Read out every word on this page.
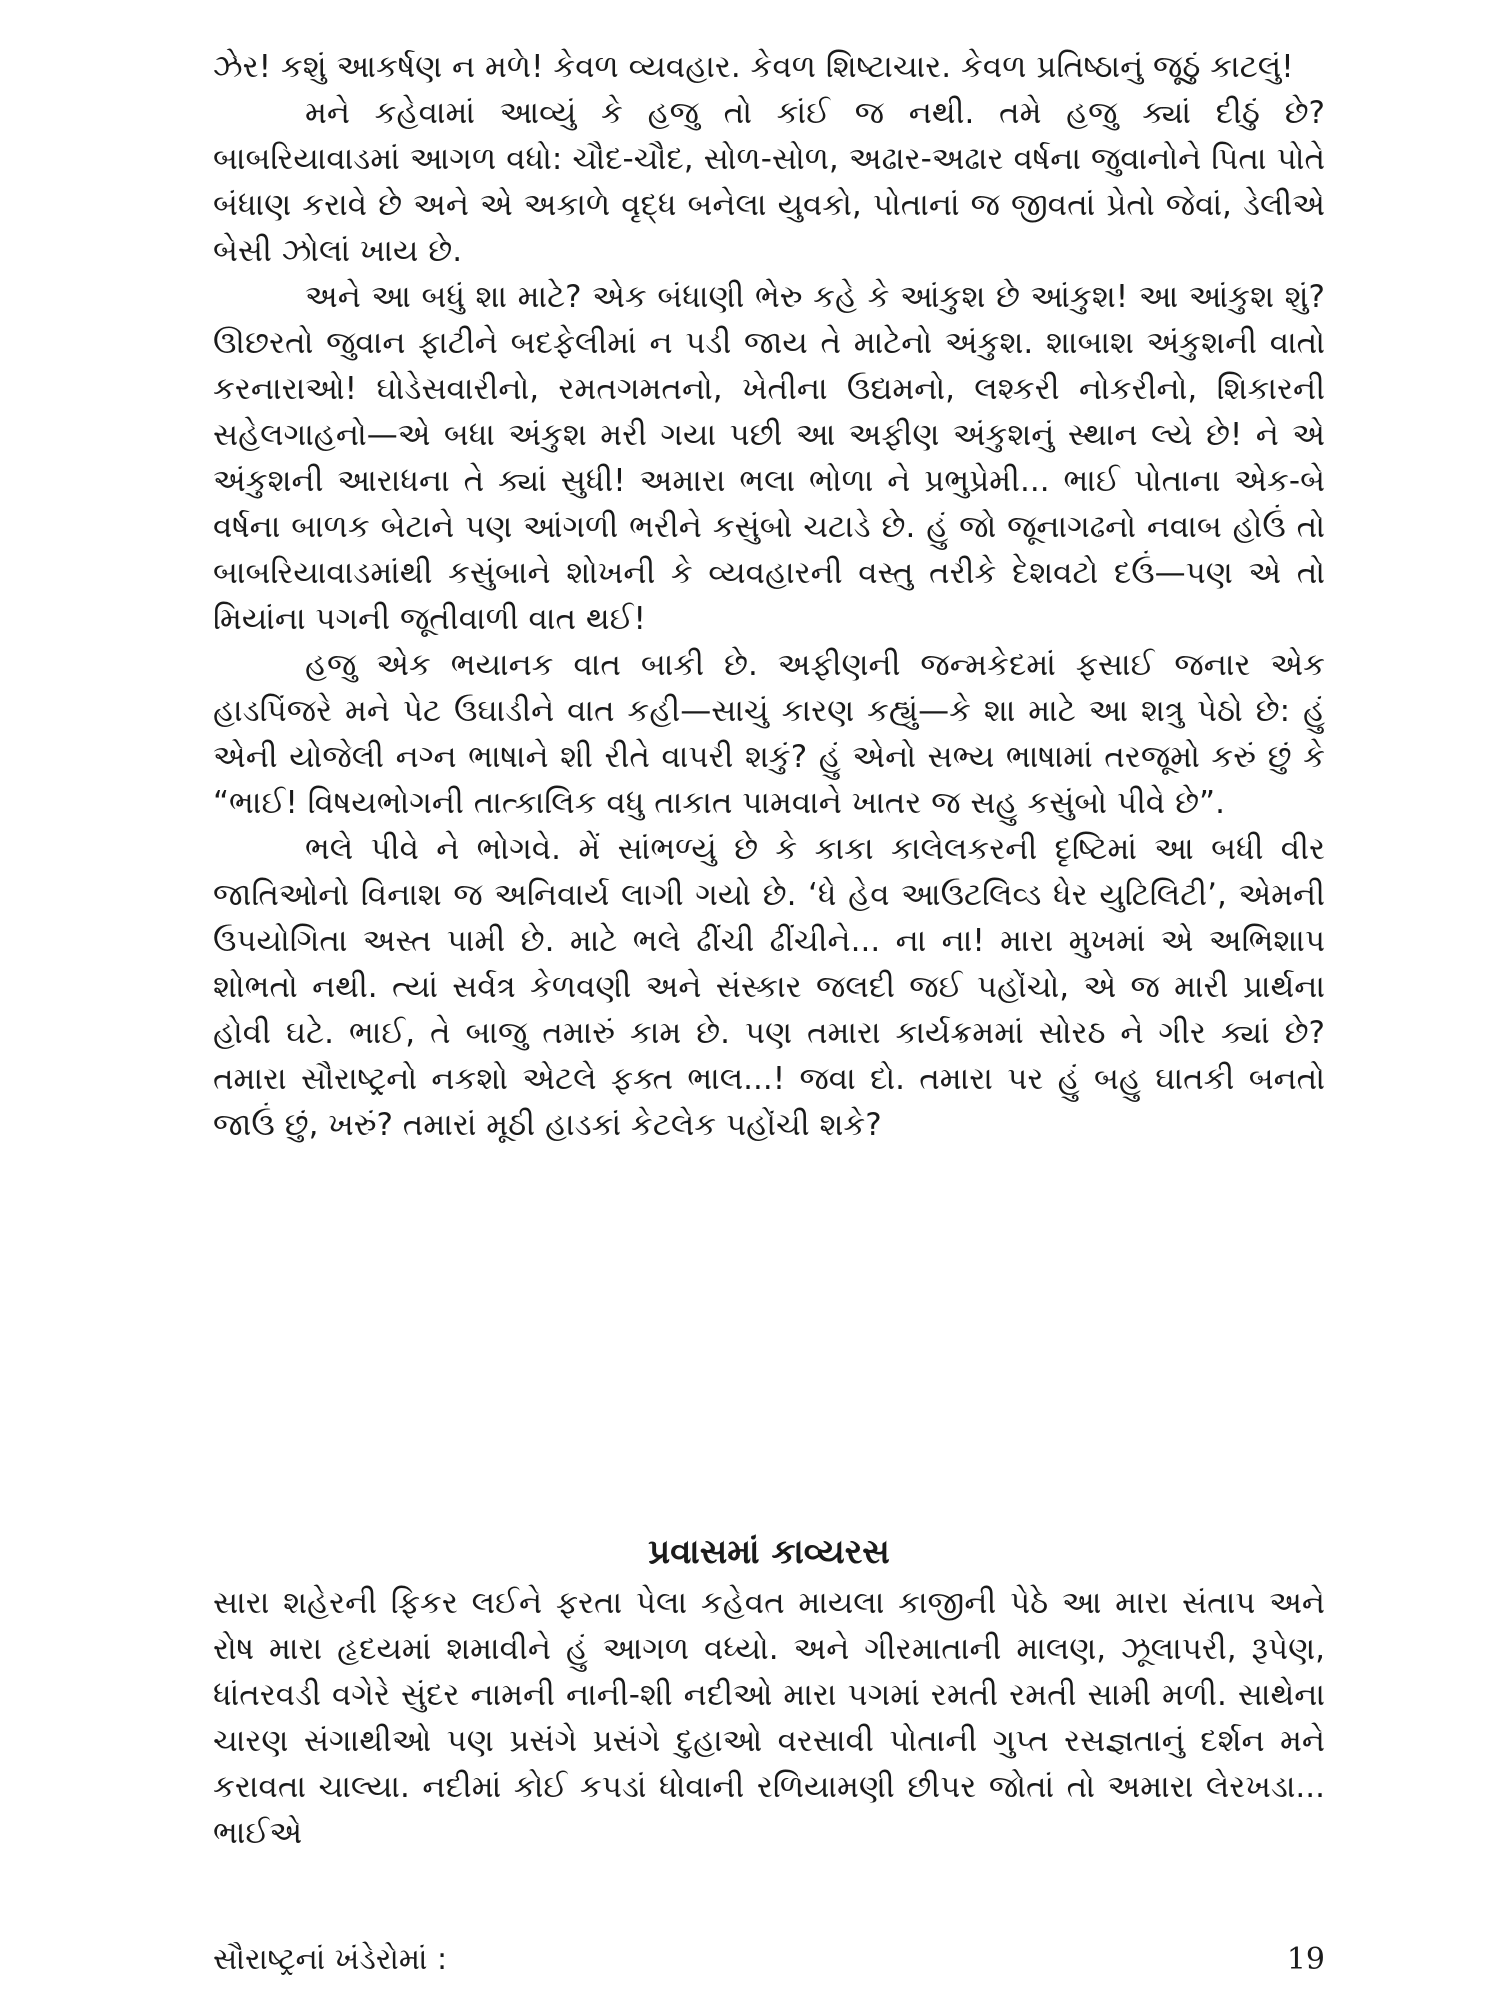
ઝેર! કશું આકર્ષણ ન મળે! કેવળ વ્યવહાર. કેવળ શિષ્ટાચાર. કેવળ પ્રતિષ્ઠાનું જૂઠું કાટલું!

મને કહેવામાં આવ્યું કે હજુ તો કાંઈ જ નથી. તમે હજુ ક્યાં દીઠું છે? બાબરિયાવાડમાં આગળ વધો: ચૌદ-ચૌદ, સોળ-સોળ, અઢાર-અઢાર વર્ષના જુવાનોને પિતા પોતે બંધાણ કરાવે છે અને એ અકાળે વૃદ્ધ બનેલા યુવકો, પોતાનાં જ જીવતાં પ્રેતો જેવાં, ડેલીએ બેસી ઝોલાં ખાય છે.

અને આ બધું શા માટે? એક બંધાણી ભેરુ કહે કે આંકુશ છે આંકુશ! આ આંકુશ શું? ઊછરતો જુવાન ફાટીને બદફેલીમાં ન પડી જાય તે માટેનો અંકુશ. શાબાશ અંકુશની વાતો કરનારાઓ! ઘોડેસવારીનો, રમતગમતનો, ખેતીના ઉદ્યમનો, લશ્કરી નોકરીનો, શિકારની સહેલગાહનો—એ બધા અંકુશ મરી ગયા પછી આ અફીણ અંકુશનું સ્થાન લ્યે છે! ને એ અંકુશની આરાધના તે ક્યાં સુધી! અમારા ભલા ભોળા ને પ્રભુપ્રેમી... ભાઈ પોતાના એક-બે વર્ષના બાળક બેટાને પણ આંગળી ભરીને કસુંબો ચટાડે છે. હું જો જૂનાગઢનો નવાબ હોઉં તો બાબરિયાવાડમાંથી કસુંબાને શોખની કે વ્યવહારની વસ્તુ તરીકે દેશવટો દઉં—પણ એ તો મિયાંના પગની જૂતીવાળી વાત થઈ!

હજુ એક ભયાનક વાત બાકી છે. અફીણની જન્મકેદમાં ફસાઈ જનાર એક હાડપિંજરે મને પેટ ઉઘાડીને વાત કહી—સાચું કારણ કહ્યું—કે શા માટે આ શત્રુ પેઠો છે: હું એની યોજેલી નગ્ન ભાષાને શી રીતે વાપરી શકું? હું એનો સભ્ય ભાષામાં તરજૂમો કરું છું કે “ભાઈ! વિષયભોગની તાત્કાલિક વધુ તાકાત પામવાને ખાતર જ સહુ કસુંબો પીવે છે”.

ભલે પીવે ને ભોગવે. મેં સાંભળ્યું છે કે કાકા કાલેલકરની દૃષ્ટિમાં આ બધી વીર જાતિઓનો વિનાશ જ અનિવાર્ય લાગી ગયો છે. ‘ધે હેવ આઉટલિવ્ડ ધેર યુટિલિટી’, એમની ઉપયોગિતા અસ્ત પામી છે. માટે ભલે ઢીંચી ઢીંચીને... ના ના! મારા મુખમાં એ અભિશાપ શોભતો નથી. ત્યાં સર્વત્ર કેળવણી અને સંસ્કાર જલદી જઈ પહોંચો, એ જ મારી પ્રાર્થના હોવી ઘટે. ભાઈ, તે બાજુ તમારું કામ છે. પણ તમારા કાર્યક્રમમાં સોરઠ ને ગીર ક્યાં છે? તમારા સૌરાષ્ટ્રનો નકશો એટલે ફક્ત ભાલ...! જવા દો. તમારા પર હું બહુ ઘાતકી બનતો જાઉં છું, ખરું? તમારાં મૂઠી હાડકાં કેટલેક પહોંચી શકે?

પ્રવાસમાં કાવ્યરસ

સારા શહેરની ફિકર લઈને ફરતા પેલા કહેવત માયલા કાજીની પેઠે આ મારા સંતાપ અને રોષ મારા હૃદયમાં શમાવીને હું આગળ વધ્યો. અને ગીરમાતાની માલણ, ઝૂલાપરી, રૂપેણ, ધાંતરવડી વગેરે સુંદર નામની નાની-શી નદીઓ મારા પગમાં રમતી રમતી સામી મળી. સાથેના ચારણ સંગાથીઓ પણ પ્રસંગે પ્રસંગે દુહાઓ વરસાવી પોતાની ગુપ્ત રસજ્ઞતાનું દર્શન મને કરાવતા ચાલ્યા. નદીમાં કોઈ કપડાં ધોવાની રળિયામણી છીપર જોતાં તો અમારા લેરખડા... ભાઈએ

સૌરાષ્ટ્રનાં ખંડેરોમાં :	19
